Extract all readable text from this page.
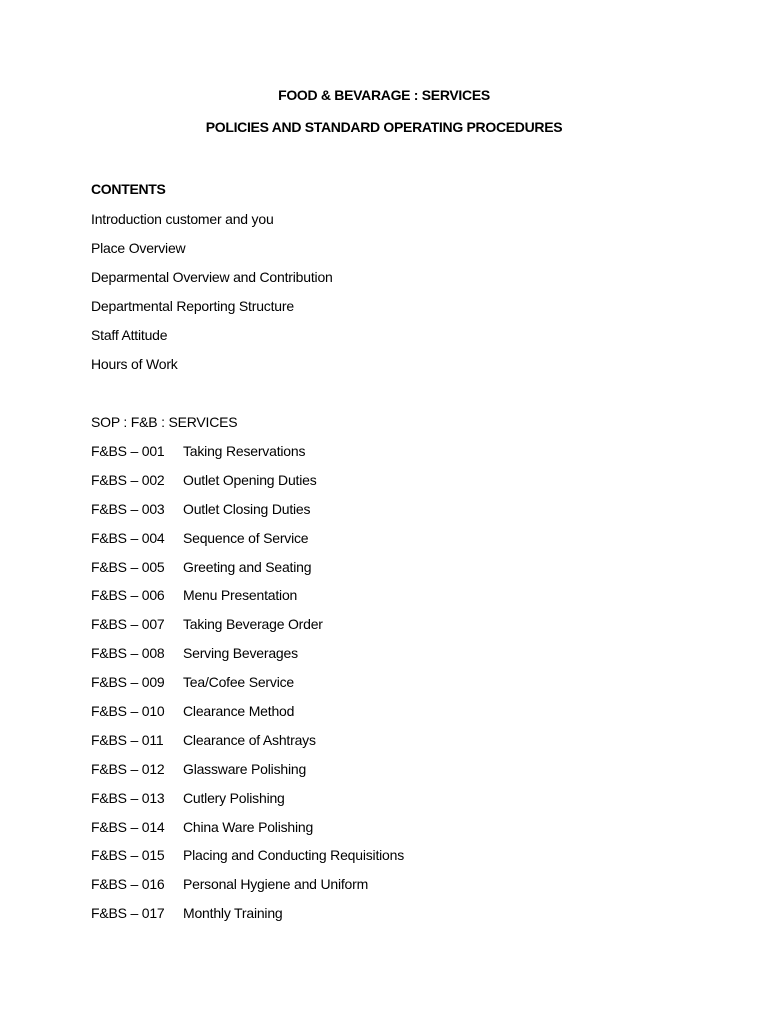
FOOD & BEVARAGE : SERVICES
POLICIES AND STANDARD OPERATING PROCEDURES
CONTENTS
Introduction customer and you
Place Overview
Deparmental Overview and Contribution
Departmental Reporting Structure
Staff Attitude
Hours of Work
SOP : F&B : SERVICES
F&BS – 001 Taking Reservations
F&BS – 002 Outlet Opening Duties
F&BS – 003 Outlet Closing Duties
F&BS – 004 Sequence of Service
F&BS – 005 Greeting and Seating
F&BS – 006 Menu Presentation
F&BS – 007 Taking Beverage Order
F&BS – 008 Serving Beverages
F&BS – 009 Tea/Cofee Service
F&BS – 010 Clearance Method
F&BS – 011 Clearance of Ashtrays
F&BS – 012 Glassware Polishing
F&BS – 013 Cutlery Polishing
F&BS – 014 China Ware Polishing
F&BS – 015 Placing and Conducting Requisitions
F&BS – 016 Personal Hygiene and Uniform
F&BS – 017 Monthly Training
